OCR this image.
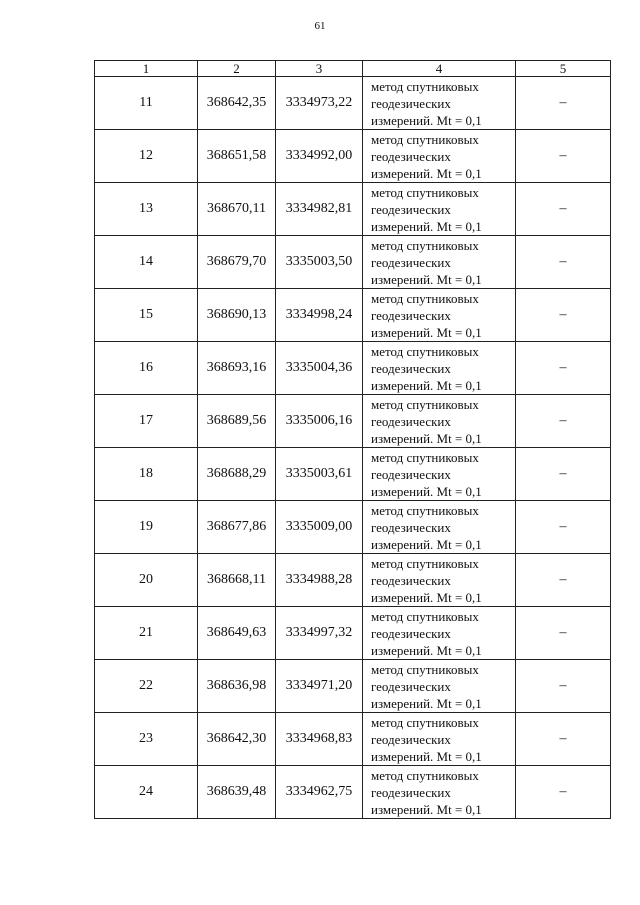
61
1	2	3	4	5
11	368642,35	3334973,22	метод спутниковых
геодезических
измерений. Mt = 0,1	–
12	368651,58	3334992,00	метод спутниковых
геодезических
измерений. Mt = 0,1	–
13	368670,11	3334982,81	метод спутниковых
геодезических
измерений. Mt = 0,1	–
14	368679,70	3335003,50	метод спутниковых
геодезических
измерений. Mt = 0,1	–
15	368690,13	3334998,24	метод спутниковых
геодезических
измерений. Mt = 0,1	–
16	368693,16	3335004,36	метод спутниковых
геодезических
измерений. Mt = 0,1	–
17	368689,56	3335006,16	метод спутниковых
геодезических
измерений. Mt = 0,1	–
18	368688,29	3335003,61	метод спутниковых
геодезических
измерений. Mt = 0,1	–
19	368677,86	3335009,00	метод спутниковых
геодезических
измерений. Mt = 0,1	–
20	368668,11	3334988,28	метод спутниковых
геодезических
измерений. Mt = 0,1	–
21	368649,63	3334997,32	метод спутниковых
геодезических
измерений. Mt = 0,1	–
22	368636,98	3334971,20	метод спутниковых
геодезических
измерений. Mt = 0,1	–
23	368642,30	3334968,83	метод спутниковых
геодезических
измерений. Mt = 0,1	–
24	368639,48	3334962,75	метод спутниковых
геодезических
измерений. Mt = 0,1	–
